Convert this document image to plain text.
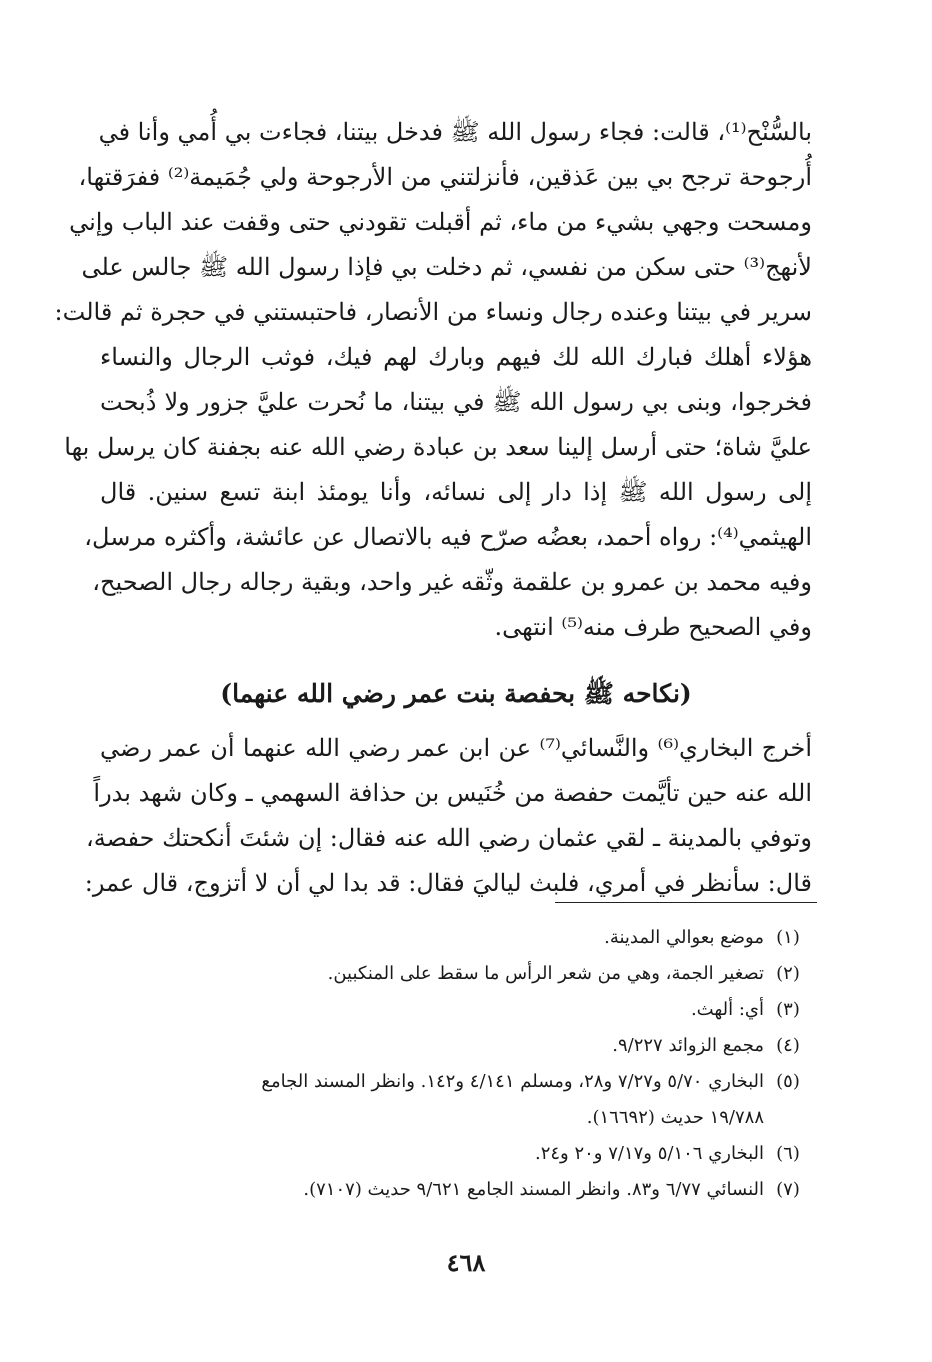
بالسُّنْح⁽¹⁾، قالت: فجاء رسول الله ﷺ فدخل بيتنا، فجاءت بي أُمي وأنا في
أُرجوحة ترجح بي بين عَذقين، فأنزلتني من الأرجوحة ولي جُمَيمة⁽²⁾ ففرَقتها،
ومسحت وجهي بشيء من ماء، ثم أقبلت تقودني حتى وقفت عند الباب وإني
لأنهج⁽³⁾ حتى سكن من نفسي، ثم دخلت بي فإذا رسول الله ﷺ جالس على
سرير في بيتنا وعنده رجال ونساء من الأنصار، فاحتبستني في حجرة ثم قالت:
هؤلاء أهلك فبارك الله لك فيهم وبارك لهم فيك، فوثب الرجال والنساء
فخرجوا، وبنى بي رسول الله ﷺ في بيتنا، ما نُحرت عليَّ جزور ولا ذُبحت
عليَّ شاة؛ حتى أرسل إلينا سعد بن عبادة رضي الله عنه بجفنة كان يرسل بها
إلى رسول الله ﷺ إذا دار إلى نسائه، وأنا يومئذ ابنة تسع سنين. قال
الهيثمي⁽⁴⁾: رواه أحمد، بعضُه صرّح فيه بالاتصال عن عائشة، وأكثره مرسل،
وفيه محمد بن عمرو بن علقمة وثّقه غير واحد، وبقية رجاله رجال الصحيح،
وفي الصحيح طرف منه⁽⁵⁾ انتهى.
(نكاحه ﷺ بحفصة بنت عمر رضي الله عنهما)
أخرج البخاري⁽⁶⁾ والنَّسائي⁽⁷⁾ عن ابن عمر رضي الله عنهما أن عمر رضي
الله عنه حين تأيَّمت حفصة من خُنَيس بن حذافة السهمي ـ وكان شهد بدراً
وتوفي بالمدينة ـ لقي عثمان رضي الله عنه فقال: إن شئتَ أنكحتك حفصة،
قال: سأنظر في أمري، فلبث لياليَ فقال: قد بدا لي أن لا أتزوج، قال عمر:
(١)
موضع بعوالي المدينة.
(٢)
تصغير الجمة، وهي من شعر الرأس ما سقط على المنكبين.
(٣)
أي: ألهث.
(٤)
مجمع الزوائد ٩/٢٢٧.
(٥)
البخاري ٥/٧٠ و٧/٢٧ و٢٨، ومسلم ٤/١٤١ و١٤٢. وانظر المسند الجامع
١٩/٧٨٨ حديث (١٦٦٩٢).
(٦)
البخاري ٥/١٠٦ و٧/١٧ و٢٠ و٢٤.
(٧)
النسائي ٦/٧٧ و٨٣. وانظر المسند الجامع ٩/٦٢١ حديث (٧١٠٧).
٤٦٨
